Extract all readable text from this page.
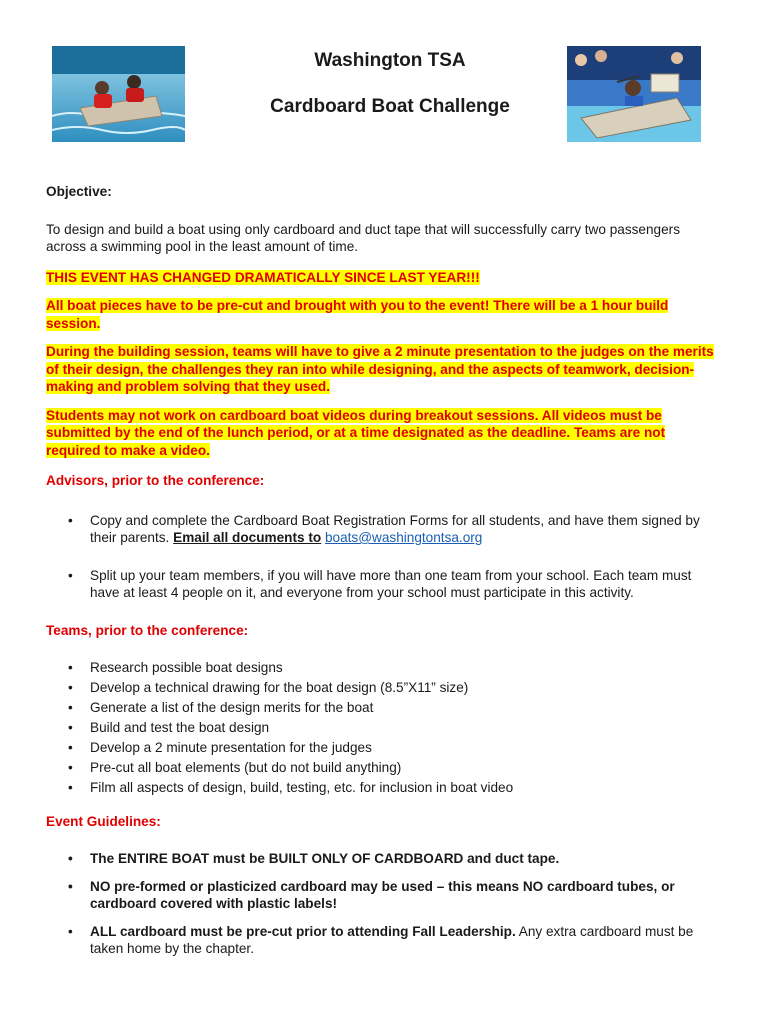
Washington TSA
Cardboard Boat Challenge

Objective:

To design and build a boat using only cardboard and duct tape that will successfully carry two passengers across a swimming pool in the least amount of time.

THIS EVENT HAS CHANGED DRAMATICALLY SINCE LAST YEAR!!!

All boat pieces have to be pre-cut and brought with you to the event! There will be a 1 hour build session.

During the building session, teams will have to give a 2 minute presentation to the judges on the merits of their design, the challenges they ran into while designing, and the aspects of teamwork, decision-making and problem solving that they used.

Students may not work on cardboard boat videos during breakout sessions. All videos must be submitted by the end of the lunch period, or at a time designated as the deadline. Teams are not required to make a video.

Advisors, prior to the conference:

• Copy and complete the Cardboard Boat Registration Forms for all students, and have them signed by their parents. Email all documents to boats@washingtontsa.org
• Split up your team members, if you will have more than one team from your school. Each team must have at least 4 people on it, and everyone from your school must participate in this activity.

Teams, prior to the conference:

• Research possible boat designs
• Develop a technical drawing for the boat design (8.5”X11” size)
• Generate a list of the design merits for the boat
• Build and test the boat design
• Develop a 2 minute presentation for the judges
• Pre-cut all boat elements (but do not build anything)
• Film all aspects of design, build, testing, etc. for inclusion in boat video

Event Guidelines:

• The ENTIRE BOAT must be BUILT ONLY OF CARDBOARD and duct tape.
• NO pre-formed or plasticized cardboard may be used – this means NO cardboard tubes, or cardboard covered with plastic labels!
• ALL cardboard must be pre-cut prior to attending Fall Leadership. Any extra cardboard must be taken home by the chapter.
